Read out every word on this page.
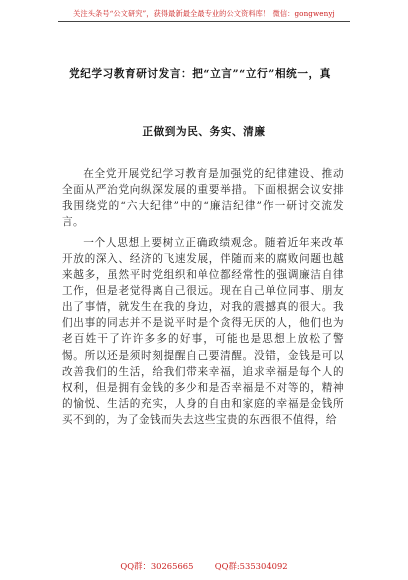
关注头条号“公文研究”，获得最新最全最专业的公文资料库！ 微信：gongwenyj
党纪学习教育研讨发言：把“立言”“立行”相统一，真
正做到为民、务实、清廉

在全党开展党纪学习教育是加强党的纪律建设、推动全面从严治党向纵深发展的重要举措。下面根据会议安排我围绕党的“六大纪律”中的“廉洁纪律”作一研讨交流发言。

一个人思想上要树立正确政绩观念。随着近年来改革开放的深入、经济的飞速发展，伴随而来的腐败问题也越来越多，虽然平时党组织和单位都经常性的强调廉洁自律工作，但是老觉得离自己很远。现在自己单位同事、朋友出了事情，就发生在我的身边，对我的震撼真的很大。我们出事的同志并不是说平时是个贪得无厌的人，他们也为老百姓干了许许多多的好事，可能也是思想上放松了警惕。所以还是须时刻提醒自己要清醒。没错，金钱是可以改善我们的生活，给我们带来幸福，追求幸福是每个人的权利，但是拥有金钱的多少和是否幸福是不对等的，精神的愉悦、生活的充实，人身的自由和家庭的幸福是金钱所买不到的，为了金钱而失去这些宝贵的东西很不值得，给

QQ群：30265665        QQ群:535304092
